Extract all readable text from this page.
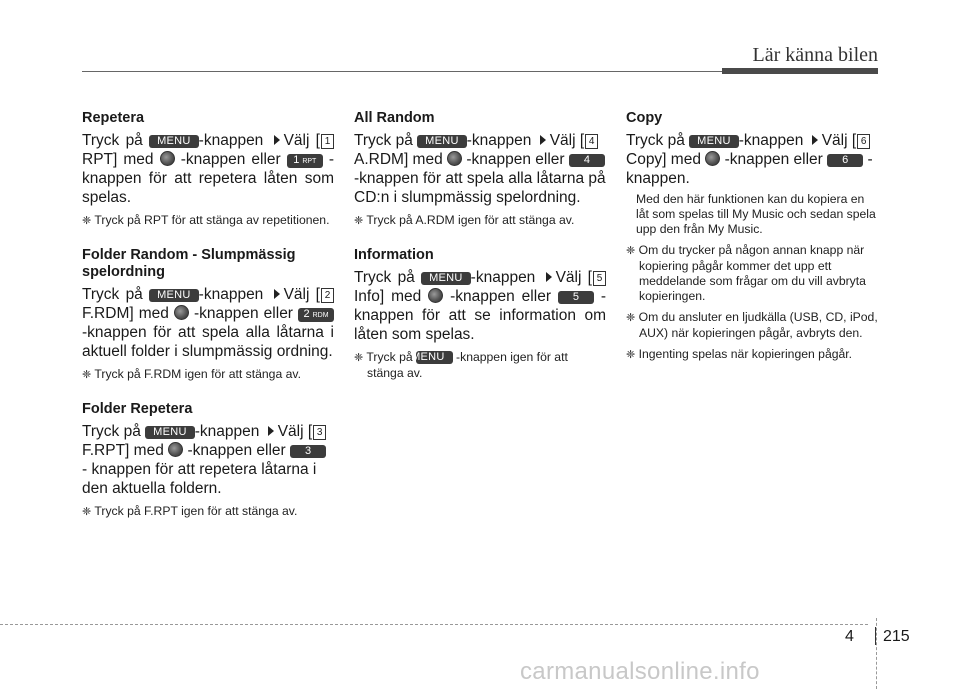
Lär känna bilen
Repetera

Tryck på MENU -knappen Välj [ 1 RPT] med -knappen eller 1 RPT - knappen för att repetera låten som spelas.

❈ Tryck på RPT för att stänga av repetitionen.

Folder Random - Slumpmässig spelordning

Tryck på MENU -knappen Välj [ 2 F.RDM] med -knappen eller 2 RDM -knappen för att spela alla låtarna i aktuell folder i slumpmässig ordning.

❈ Tryck på F.RDM igen för att stänga av.

Folder Repetera

Tryck på MENU -knappen Välj [ 3 F.RPT] med -knappen eller 3 - knappen för att repetera låtarna i den aktuella foldern.

❈ Tryck på F.RPT igen för att stänga av.

All Random

Tryck på MENU -knappen Välj [ 4 A.RDM] med -knappen eller 4 -knappen för att spela alla låtarna på CD:n i slumpmässig spelordning.

❈ Tryck på A.RDM igen för att stänga av.

Information

Tryck på MENU -knappen Välj [ 5 Info] med -knappen eller 5 - knappen för att se information om låten som spelas.

❈ Tryck på MENU -knappen igen för att stänga av.

Copy

Tryck på MENU -knappen Välj [ 6 Copy] med -knappen eller 6 - knappen.

Med den här funktionen kan du kopiera en låt som spelas till My Music och sedan spela upp den från My Music.

❈ Om du trycker på någon annan knapp när kopiering pågår kommer det upp ett meddelande som frågar om du vill avbryta kopieringen.

❈ Om du ansluter en ljudkälla (USB, CD, iPod, AUX) när kopieringen pågår, avbryts den.

❈ Ingenting spelas när kopieringen pågår.

4 215
carmanualsonline.info
